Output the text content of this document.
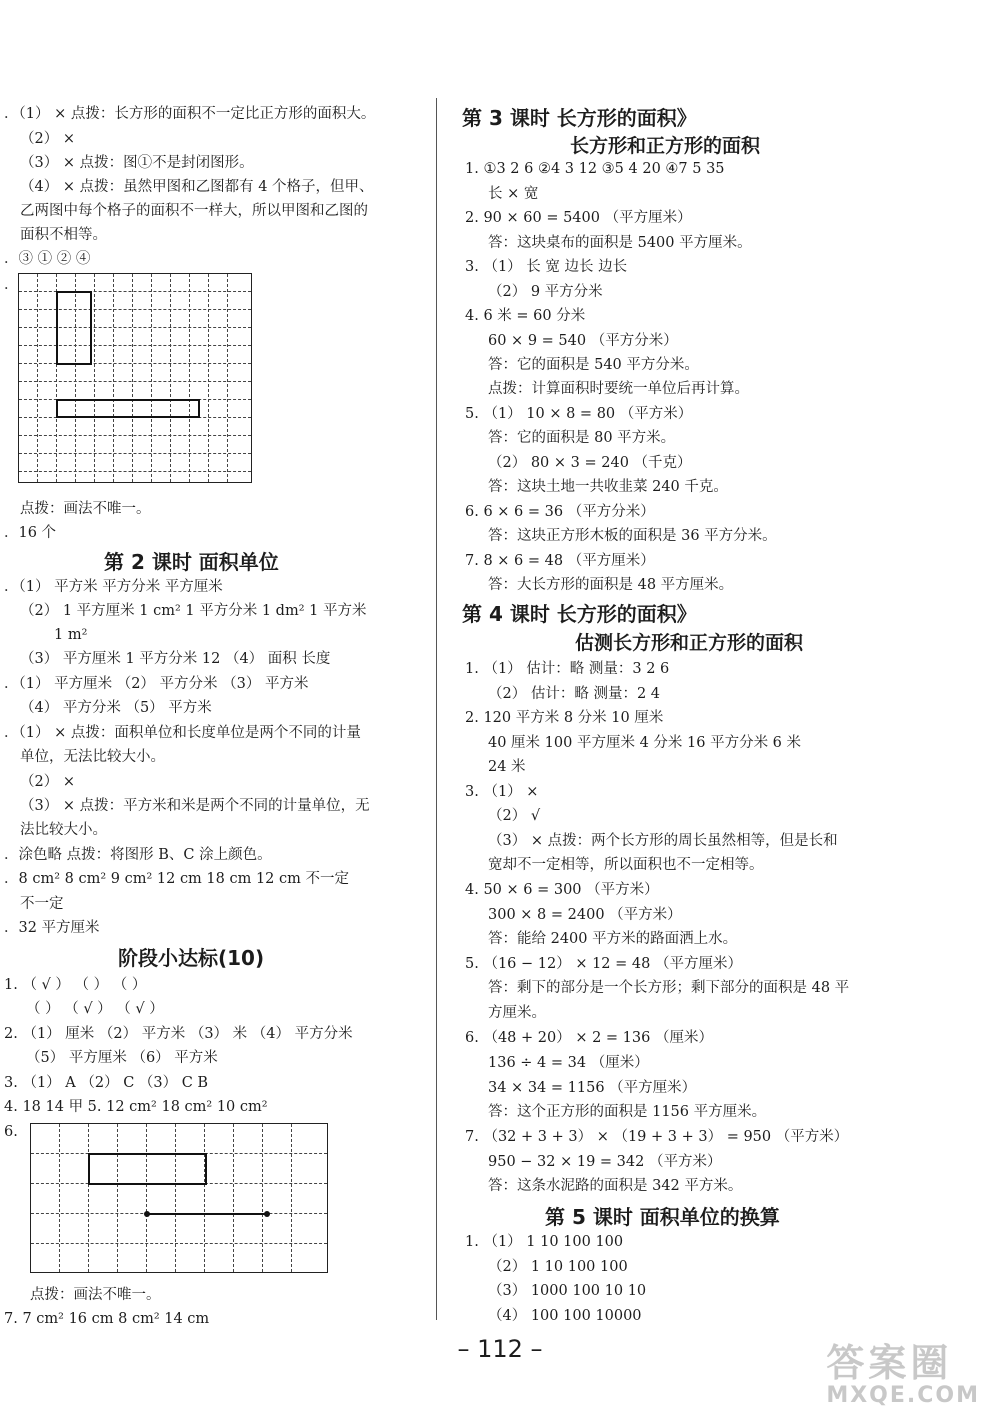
．（1） × 点拨：长方形的面积不一定比正方形的面积大。
（2） ×
（3） × 点拨：图①不是封闭图形。
（4） × 点拨：虽然甲图和乙图都有 4 个格子，但甲、
乙两图中每个格子的面积不一样大，所以甲图和乙图的
面积不相等。
．③ ① ② ④
．
点拨：画法不唯一。
．16 个
第 2 课时 面积单位
．（1） 平方米 平方分米 平方厘米
（2） 1 平方厘米 1 cm² 1 平方分米 1 dm² 1 平方米
1 m²
（3） 平方厘米 1 平方分米 12 （4） 面积 长度
．（1） 平方厘米 （2） 平方分米 （3） 平方米
（4） 平方分米 （5） 平方米
．（1） × 点拨：面积单位和长度单位是两个不同的计量
单位，无法比较大小。
（2） ×
（3） × 点拨：平方米和米是两个不同的计量单位，无
法比较大小。
．涂色略 点拨：将图形 B、C 涂上颜色。
．8 cm² 8 cm² 9 cm² 12 cm 18 cm 12 cm 不一定
不一定
．32 平方厘米
阶段小达标(10)
1. （ √ ） （ ） （ ）
（ ） （ √ ） （ √ ）
2. （1） 厘米 （2） 平方米 （3） 米 （4） 平方分米
（5） 平方厘米 （6） 平方米
3. （1） A （2） C （3） C B
4. 18 14 甲 5. 12 cm² 18 cm² 10 cm²
6.
点拨：画法不唯一。
7. 7 cm² 16 cm 8 cm² 14 cm
第 3 课时 长方形的面积》
长方形和正方形的面积
1. ①3 2 6 ②4 3 12 ③5 4 20 ④7 5 35
长 × 宽
2. 90 × 60 = 5400 （平方厘米）
答：这块桌布的面积是 5400 平方厘米。
3. （1） 长 宽 边长 边长
（2） 9 平方分米
4. 6 米 = 60 分米
60 × 9 = 540 （平方分米）
答：它的面积是 540 平方分米。
点拨：计算面积时要统一单位后再计算。
5. （1） 10 × 8 = 80 （平方米）
答：它的面积是 80 平方米。
（2） 80 × 3 = 240 （千克）
答：这块土地一共收韭菜 240 千克。
6. 6 × 6 = 36 （平方分米）
答：这块正方形木板的面积是 36 平方分米。
7. 8 × 6 = 48 （平方厘米）
答：大长方形的面积是 48 平方厘米。
第 4 课时 长方形的面积》
估测长方形和正方形的面积
1. （1） 估计：略 测量：3 2 6
（2） 估计：略 测量：2 4
2. 120 平方米 8 分米 10 厘米
40 厘米 100 平方厘米 4 分米 16 平方分米 6 米
24 米
3. （1） ×
（2） √
（3） × 点拨：两个长方形的周长虽然相等，但是长和
宽却不一定相等，所以面积也不一定相等。
4. 50 × 6 = 300 （平方米）
300 × 8 = 2400 （平方米）
答：能给 2400 平方米的路面洒上水。
5. （16 − 12） × 12 = 48 （平方厘米）
答：剩下的部分是一个长方形；剩下部分的面积是 48 平
方厘米。
6. （48 + 20） × 2 = 136 （厘米）
136 ÷ 4 = 34 （厘米）
34 × 34 = 1156 （平方厘米）
答：这个正方形的面积是 1156 平方厘米。
7. （32 + 3 + 3） × （19 + 3 + 3） = 950 （平方米）
950 − 32 × 19 = 342 （平方米）
答：这条水泥路的面积是 342 平方米。
第 5 课时 面积单位的换算
1. （1） 1 10 100 100
（2） 1 10 100 100
（3） 1000 100 10 10
（4） 100 100 10000
– 112 –	答案圈
MXQE.COM
